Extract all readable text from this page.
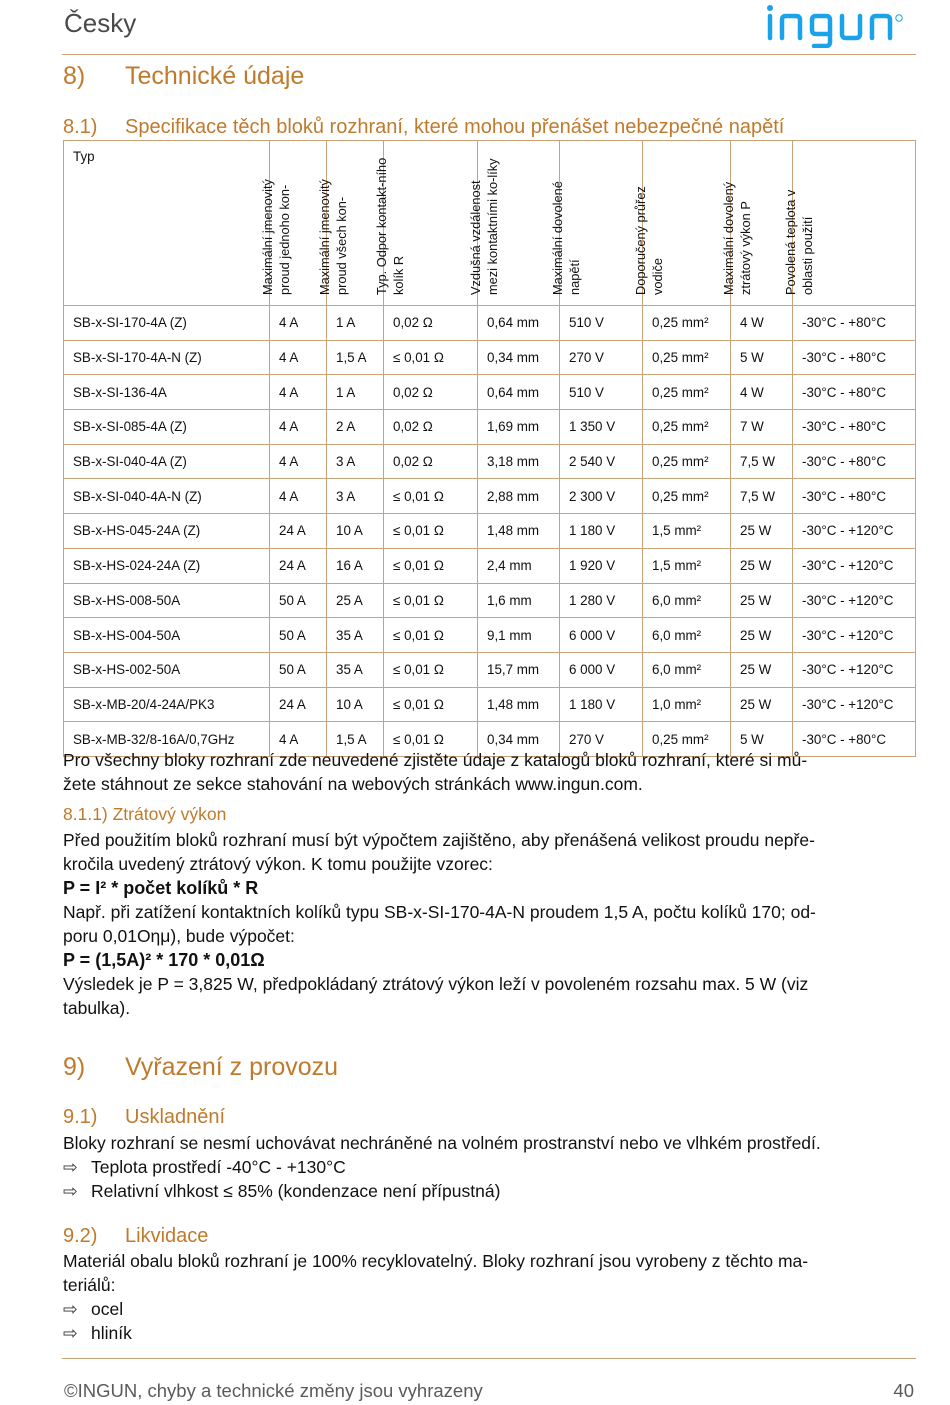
Česky
8) Technické údaje
8.1) Specifikace těch bloků rozhraní, které mohou přenášet nebezpečné napětí
Typ	Maximální jmenovitý proud jednoho kon-	Maximální jmenovitý proud všech kon-	Typ. Odpor kontakt-ního kolík R	Vzdušná vzdálenost mezi kontaktními ko-líky	Maximální dovolené napětí	Doporučený průřez vodiče	Maximální dovolený ztrátový výkon P	Povolená teplota v oblasti použití

SB-x-SI-170-4A (Z)	4 A	1 A	0,02 Ω	0,64 mm	510 V	0,25 mm²	4 W	-30°C - +80°C
SB-x-SI-170-4A-N (Z)	4 A	1,5 A	≤ 0,01 Ω	0,34 mm	270 V	0,25 mm²	5 W	-30°C - +80°C
SB-x-SI-136-4A	4 A	1 A	0,02 Ω	0,64 mm	510 V	0,25 mm²	4 W	-30°C - +80°C
SB-x-SI-085-4A (Z)	4 A	2 A	0,02 Ω	1,69 mm	1 350 V	0,25 mm²	7 W	-30°C - +80°C
SB-x-SI-040-4A (Z)	4 A	3 A	0,02 Ω	3,18 mm	2 540 V	0,25 mm²	7,5 W	-30°C - +80°C
SB-x-SI-040-4A-N (Z)	4 A	3 A	≤ 0,01 Ω	2,88 mm	2 300 V	0,25 mm²	7,5 W	-30°C - +80°C
SB-x-HS-045-24A (Z)	24 A	10 A	≤ 0,01 Ω	1,48 mm	1 180 V	1,5 mm²	25 W	-30°C - +120°C
SB-x-HS-024-24A (Z)	24 A	16 A	≤ 0,01 Ω	2,4 mm	1 920 V	1,5 mm²	25 W	-30°C - +120°C
SB-x-HS-008-50A	50 A	25 A	≤ 0,01 Ω	1,6 mm	1 280 V	6,0 mm²	25 W	-30°C - +120°C
SB-x-HS-004-50A	50 A	35 A	≤ 0,01 Ω	9,1 mm	6 000 V	6,0 mm²	25 W	-30°C - +120°C
SB-x-HS-002-50A	50 A	35 A	≤ 0,01 Ω	15,7 mm	6 000 V	6,0 mm²	25 W	-30°C - +120°C
SB-x-MB-20/4-24A/PK3	24 A	10 A	≤ 0,01 Ω	1,48 mm	1 180 V	1,0 mm²	25 W	-30°C - +120°C
SB-x-MB-32/8-16A/0,7GHz	4 A	1,5 A	≤ 0,01 Ω	0,34 mm	270 V	0,25 mm²	5 W	-30°C - +80°C
Pro všechny bloky rozhraní zde neuvedené zjistěte údaje z katalogů bloků rozhraní, které si mů-
žete stáhnout ze sekce stahování na webových stránkách www.ingun.com.
8.1.1) Ztrátový výkon
Před použitím bloků rozhraní musí být výpočtem zajištěno, aby přenášená velikost proudu nepře-
kročila uvedený ztrátový výkon. K tomu použijte vzorec:
P = I² * počet kolíků * R
Např. při zatížení kontaktních kolíků typu SB-x-SI-170-4A-N proudem 1,5 A, počtu kolíků 170; od-
poru 0,01Οημ), bude výpočet:
P = (1,5A)² * 170 * 0,01Ω
Výsledek je P = 3,825 W, předpokládaný ztrátový výkon leží v povoleném rozsahu max. 5 W (viz
tabulka).
9) Vyřazení z provozu
9.1) Uskladnění
Bloky rozhraní se nesmí uchovávat nechráněné na volném prostranství nebo ve vlhkém prostředí.
⇨ Teplota prostředí -40°C - +130°C
⇨ Relativní vlhkost ≤ 85% (kondenzace není přípustná)
9.2) Likvidace
Materiál obalu bloků rozhraní je 100% recyklovatelný. Bloky rozhraní jsou vyrobeny z těchto ma-
teriálů:
⇨ ocel
⇨ hliník
©INGUN, chyby a technické změny jsou vyhrazeny	40
